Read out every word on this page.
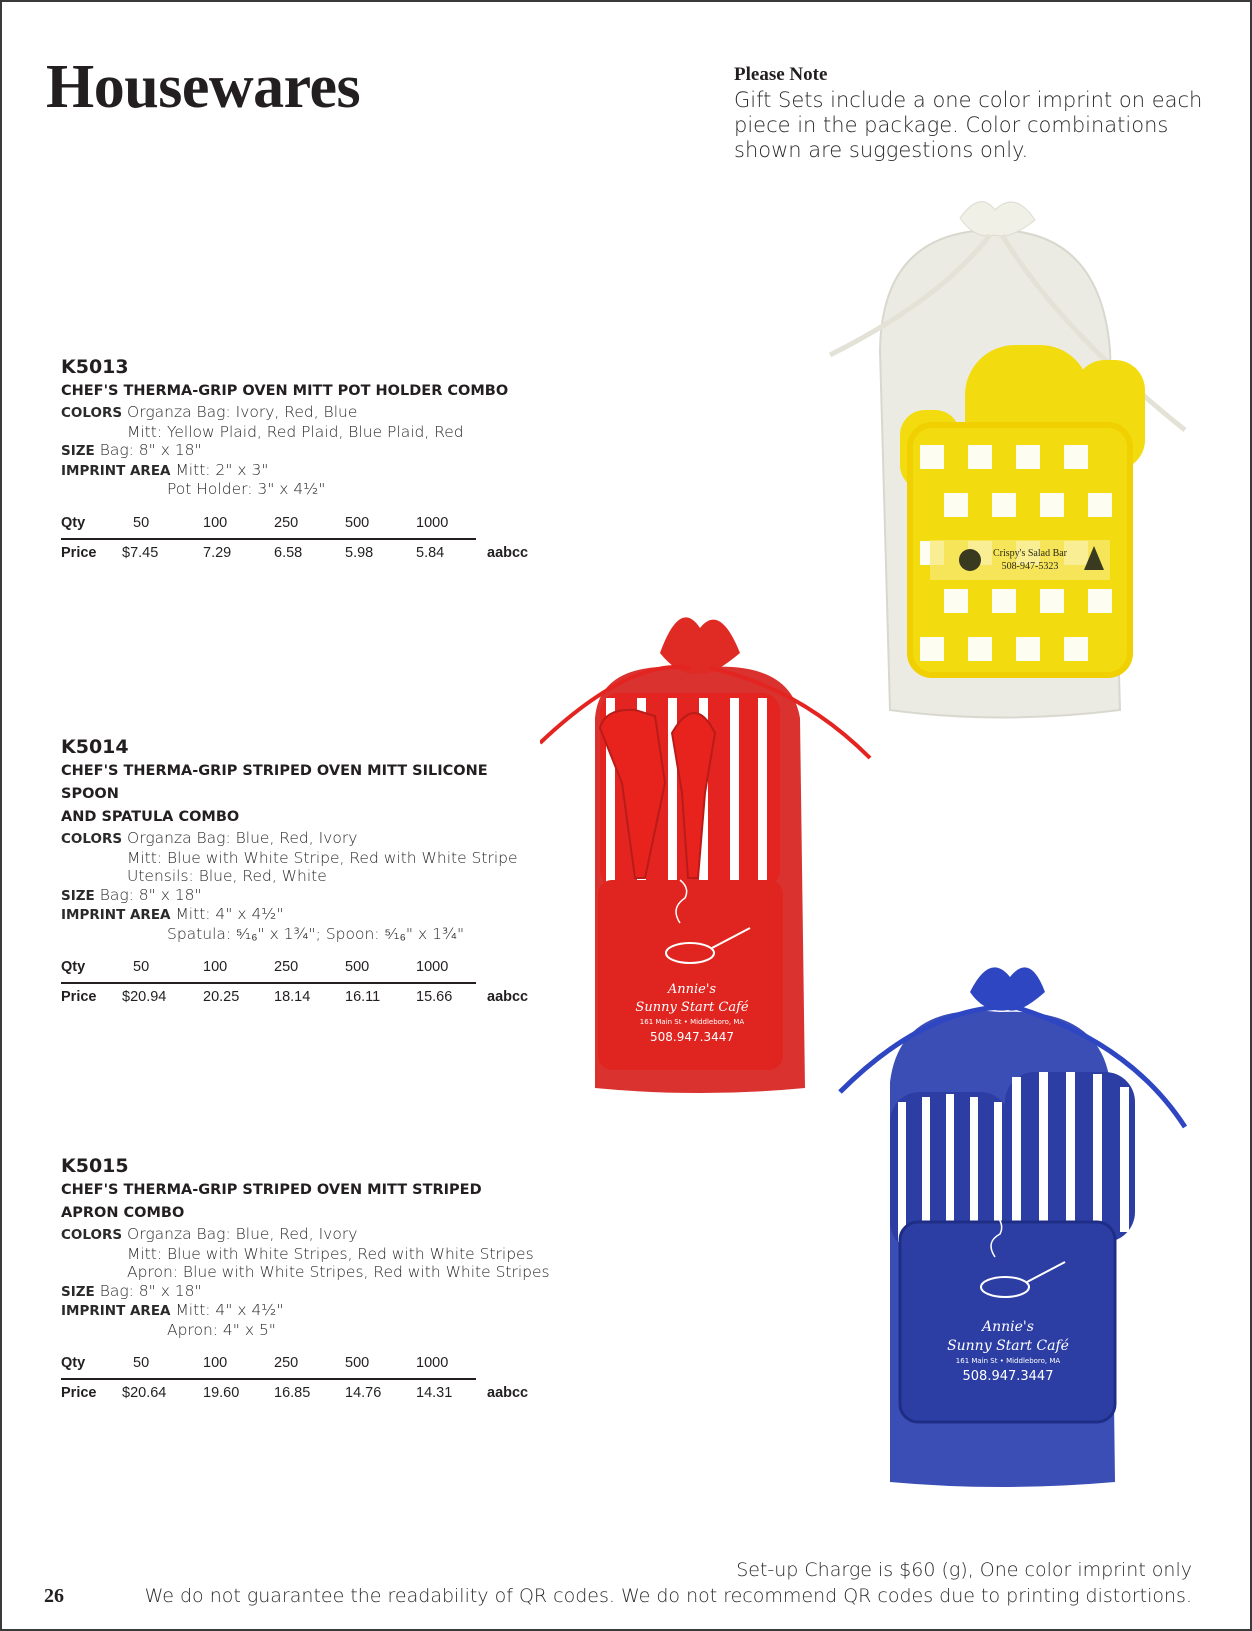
Housewares	Please Note
Gift Sets include a one color imprint on each piece in the package. Color combinations shown are suggestions only.
K5013
CHEF'S THERMA-GRIP OVEN MITT POT HOLDER COMBO
COLORS Organza Bag: Ivory, Red, Blue
Mitt: Yellow Plaid, Red Plaid, Blue Plaid, Red
SIZE Bag: 8" x 18"
IMPRINT AREA Mitt: 2" x 3"
Pot Holder: 3" x 4½"
Qty	50	100	250	500	1000
Price $7.45	7.29	6.58	5.98	5.84	aabcc
K5014
CHEF'S THERMA-GRIP STRIPED OVEN MITT SILICONE SPOON
AND SPATULA COMBO
COLORS Organza Bag: Blue, Red, Ivory
Mitt: Blue with White Stripe, Red with White Stripe
Utensils: Blue, Red, White
SIZE Bag: 8" x 18"
IMPRINT AREA Mitt: 4" x 4½"
Spatula: ⁵⁄₁₆" x 1¾"; Spoon: ⁵⁄₁₆" x 1¾"
Qty	50	100	250	500	1000
Price $20.94	20.25	18.14	16.11	15.66	aabcc
K5015
CHEF'S THERMA-GRIP STRIPED OVEN MITT STRIPED
APRON COMBO
COLORS Organza Bag: Blue, Red, Ivory
Mitt: Blue with White Stripes, Red with White Stripes
Apron: Blue with White Stripes, Red with White Stripes
SIZE Bag: 8" x 18"
IMPRINT AREA Mitt: 4" x 4½"
Apron: 4" x 5"
Qty	50	100	250	500	1000
Price $20.64	19.60	16.85	14.76	14.31	aabcc
Crispy's Salad Bar
508-947-5323
Annie's
Sunny Start Café
161 Main St • Middleboro, MA
508.947.3447
Annie's
Sunny Start Café
161 Main St • Middleboro, MA
508.947.3447
Set-up Charge is $60 (g), One color imprint only
26	We do not guarantee the readability of QR codes. We do not recommend QR codes due to printing distortions.
